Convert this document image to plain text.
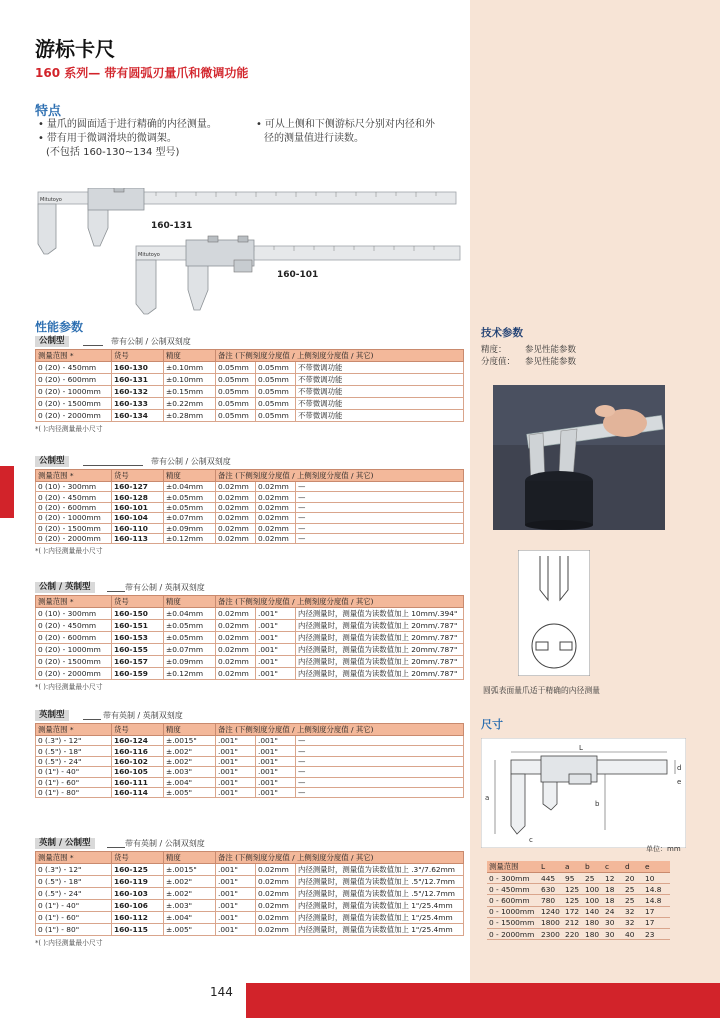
游标卡尺
160 系列— 带有圆弧刃量爪和微调功能
特点
• 量爪的圆面适于进行精确的内径测量。
• 带有用于微调滑块的微调架。
(不包括 160-130~134 型号)
• 可从上侧和下侧游标尺分别对内径和外
径的测量值进行读数。
Mitutoyo
160-131
Mitutoyo
160-101
性能参数
公制型	带有公制 / 公制双刻度
测量范围 *	货号	精度	备注 (下侧刻度分度值 / 上侧刻度分度值 / 其它)		
0 (20) - 450mm	160-130	±0.10mm	0.05mm	0.05mm	不带微调功能
0 (20) - 600mm	160-131	±0.10mm	0.05mm	0.05mm	不带微调功能
0 (20) - 1000mm	160-132	±0.15mm	0.05mm	0.05mm	不带微调功能
0 (20) - 1500mm	160-133	±0.22mm	0.05mm	0.05mm	不带微调功能
0 (20) - 2000mm	160-134	±0.28mm	0.05mm	0.05mm	不带微调功能
*( ):内径测量最小尺寸
公制型	带有公制 / 公制双刻度
测量范围 *	货号	精度	备注 (下侧刻度分度值 / 上侧刻度分度值 / 其它)		
0 (10) - 300mm	160-127	±0.04mm	0.02mm	0.02mm	—
0 (20) - 450mm	160-128	±0.05mm	0.02mm	0.02mm	—
0 (20) - 600mm	160-101	±0.05mm	0.02mm	0.02mm	—
0 (20) - 1000mm	160-104	±0.07mm	0.02mm	0.02mm	—
0 (20) - 1500mm	160-110	±0.09mm	0.02mm	0.02mm	—
0 (20) - 2000mm	160-113	±0.12mm	0.02mm	0.02mm	—
*( ):内径测量最小尺寸
公制 / 英制型	带有公制 / 英制双刻度
测量范围 *	货号	精度	备注 (下侧刻度分度值 / 上侧刻度分度值 / 其它)		
0 (10) - 300mm	160-150	±0.04mm	0.02mm	.001"	内径测量时，测量值为读数值加上 10mm/.394"
0 (20) - 450mm	160-151	±0.05mm	0.02mm	.001"	内径测量时，测量值为读数值加上 20mm/.787"
0 (20) - 600mm	160-153	±0.05mm	0.02mm	.001"	内径测量时，测量值为读数值加上 20mm/.787"
0 (20) - 1000mm	160-155	±0.07mm	0.02mm	.001"	内径测量时，测量值为读数值加上 20mm/.787"
0 (20) - 1500mm	160-157	±0.09mm	0.02mm	.001"	内径测量时，测量值为读数值加上 20mm/.787"
0 (20) - 2000mm	160-159	±0.12mm	0.02mm	.001"	内径测量时，测量值为读数值加上 20mm/.787"
*( ):内径测量最小尺寸
英制型	带有英制 / 英制双刻度
测量范围 *	货号	精度	备注 (下侧刻度分度值 / 上侧刻度分度值 / 其它)		
0 (.3") - 12"	160-124	±.0015"	.001"	.001"	—
0 (.5") - 18"	160-116	±.002"	.001"	.001"	—
0 (.5") - 24"	160-102	±.002"	.001"	.001"	—
0 (1") - 40"	160-105	±.003"	.001"	.001"	—
0 (1") - 60"	160-111	±.004"	.001"	.001"	—
0 (1") - 80"	160-114	±.005"	.001"	.001"	—
英制 / 公制型	带有英制 / 公制双刻度
测量范围 *	货号	精度	备注 (下侧刻度分度值 / 上侧刻度分度值 / 其它)		
0 (.3") - 12"	160-125	±.0015"	.001"	0.02mm	内径测量时，测量值为读数值加上 .3"/7.62mm
0 (.5") - 18"	160-119	±.002"	.001"	0.02mm	内径测量时，测量值为读数值加上 .5"/12.7mm
0 (.5") - 24"	160-103	±.002"	.001"	0.02mm	内径测量时，测量值为读数值加上 .5"/12.7mm
0 (1") - 40"	160-106	±.003"	.001"	0.02mm	内径测量时，测量值为读数值加上 1"/25.4mm
0 (1") - 60"	160-112	±.004"	.001"	0.02mm	内径测量时，测量值为读数值加上 1"/25.4mm
0 (1") - 80"	160-115	±.005"	.001"	0.02mm	内径测量时，测量值为读数值加上 1"/25.4mm
*( ):内径测量最小尺寸
技术参数
精度： 参见性能参数
分度值： 参见性能参数
圆弧表面量爪适于精确的内径测量
尺寸
L
a
b
c
d
e
单位：mm
测量范围	L	a	b	c	d	e
0 - 300mm	445	95	25	12	20	10
0 - 450mm	630	125	100	18	25	14.8
0 - 600mm	780	125	100	18	25	14.8
0 - 1000mm	1240	172	140	24	32	17
0 - 1500mm	1800	212	180	30	32	17
0 - 2000mm	2300	220	180	30	40	23
144
